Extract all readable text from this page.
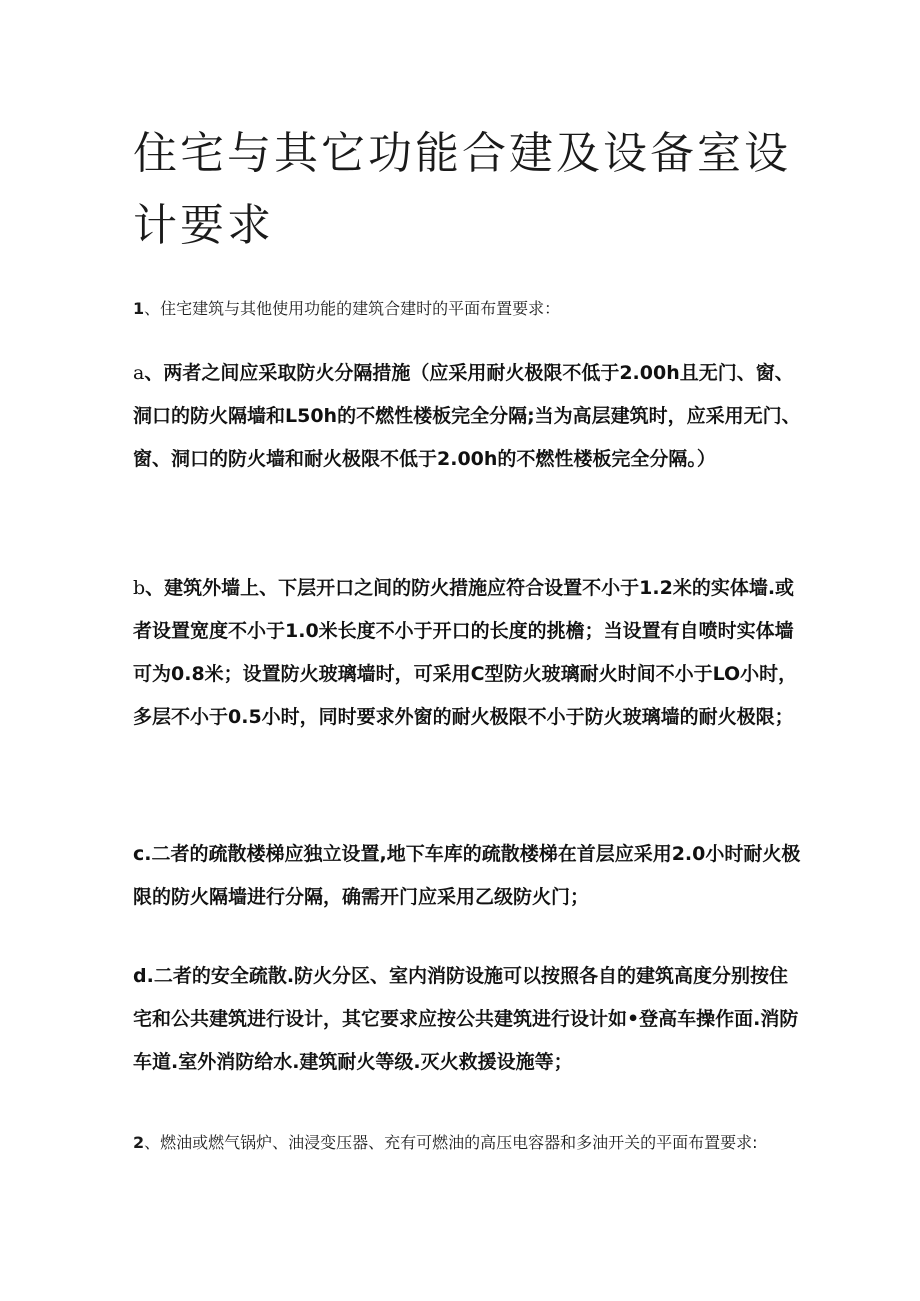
住宅与其它功能合建及设备室设计要求

1、住宅建筑与其他使用功能的建筑合建时的平面布置要求：

a、两者之间应采取防火分隔措施（应采用耐火极限不低于2.00h且无门、窗、洞口的防火隔墙和L50h的不燃性楼板完全分隔;当为高层建筑时，应采用无门、窗、洞口的防火墙和耐火极限不低于2.00h的不燃性楼板完全分隔。）

b、建筑外墙上、下层开口之间的防火措施应符合设置不小于1.2米的实体墙.或者设置宽度不小于1.0米长度不小于开口的长度的挑檐；当设置有自喷时实体墙可为0.8米；设置防火玻璃墙时，可采用C型防火玻璃耐火时间不小于LO小时，多层不小于0.5小时，同时要求外窗的耐火极限不小于防火玻璃墙的耐火极限；

c.二者的疏散楼梯应独立设置,地下车库的疏散楼梯在首层应采用2.0小时耐火极限的防火隔墙进行分隔，确需开门应采用乙级防火门；

d.二者的安全疏散.防火分区、室内消防设施可以按照各自的建筑高度分别按住宅和公共建筑进行设计，其它要求应按公共建筑进行设计如•登高车操作面.消防车道.室外消防给水.建筑耐火等级.灭火救援设施等；

2、燃油或燃气锅炉、油浸变压器、充有可燃油的高压电容器和多油开关的平面布置要求:
